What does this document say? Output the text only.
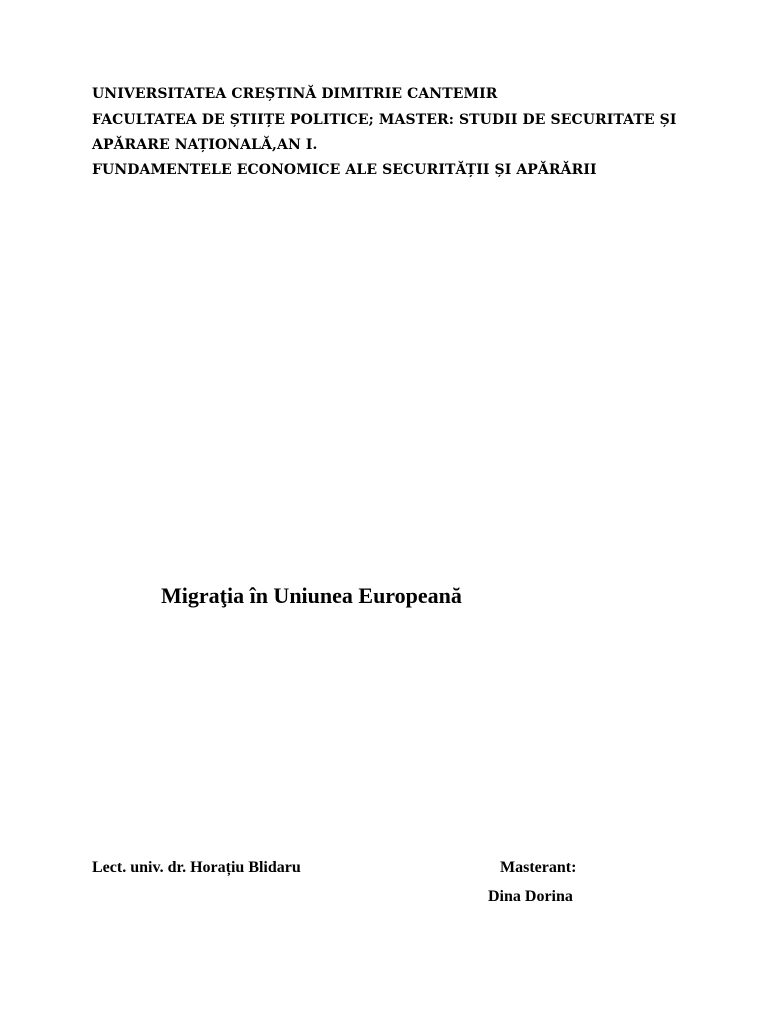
UNIVERSITATEA CREȘTINĂ DIMITRIE CANTEMIR
FACULTATEA DE ȘTIIȚE POLITICE; MASTER: STUDII DE SECURITATE ȘI
APĂRARE NAȚIONALĂ,AN I.
FUNDAMENTELE ECONOMICE ALE SECURITĂȚII ȘI APĂRĂRII
Migraţia în Uniunea Europeană
Lect. univ. dr. Horațiu Blidaru	Masterant:
Dina Dorina
